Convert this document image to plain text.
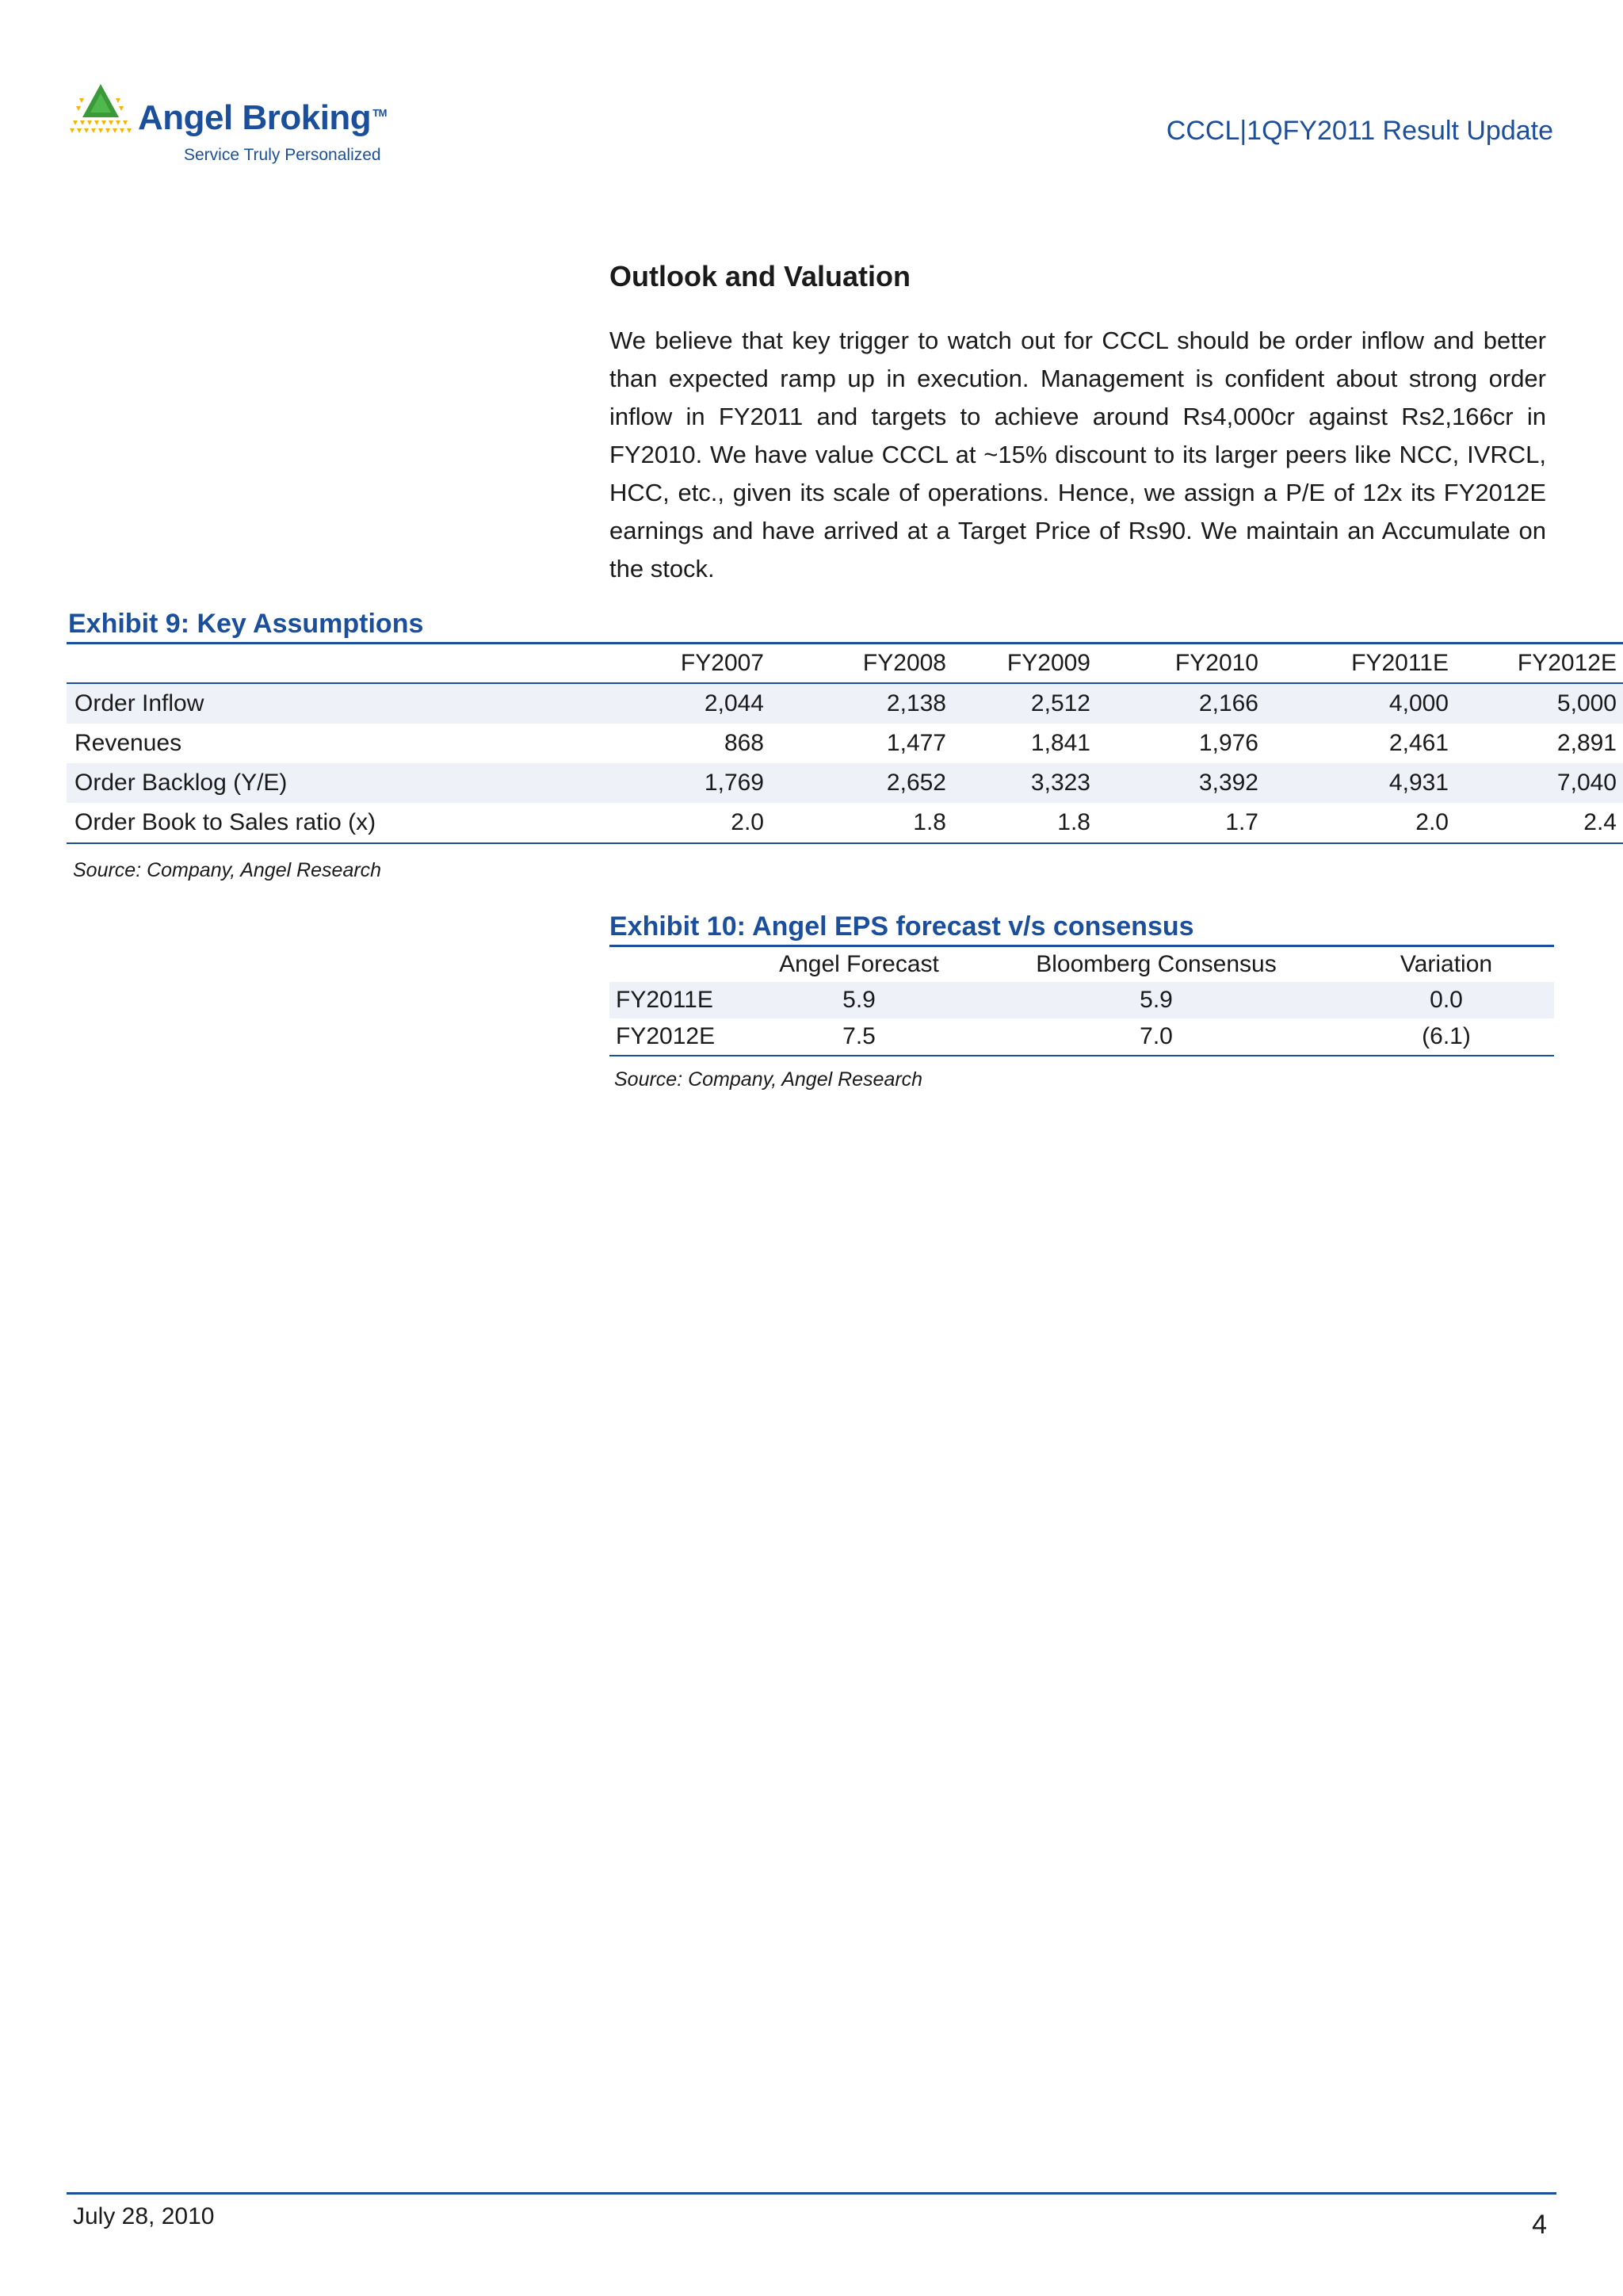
Angel Broking ™
Service Truly Personalized
CCCL|1QFY2011 Result Update
Outlook and Valuation
We believe that key trigger to watch out for CCCL should be order inflow and better than expected ramp up in execution. Management is confident about strong order inflow in FY2011 and targets to achieve around Rs4,000cr against Rs2,166cr in FY2010. We have value CCCL at ~15% discount to its larger peers like NCC, IVRCL, HCC, etc., given its scale of operations. Hence, we assign a P/E of 12x its FY2012E earnings and have arrived at a Target Price of Rs90. We maintain an Accumulate on the stock.
Exhibit 9: Key Assumptions
	FY2007	FY2008	FY2009	FY2010	FY2011E	FY2012E
Order Inflow	2,044	2,138	2,512	2,166	4,000	5,000
Revenues	868	1,477	1,841	1,976	2,461	2,891
Order Backlog (Y/E)	1,769	2,652	3,323	3,392	4,931	7,040
Order Book to Sales ratio (x)	2.0	1.8	1.8	1.7	2.0	2.4
Source: Company, Angel Research
Exhibit 10: Angel EPS forecast v/s consensus
	Angel Forecast	Bloomberg Consensus	Variation
FY2011E	5.9	5.9	0.0
FY2012E	7.5	7.0	(6.1)
Source: Company, Angel Research
July 28, 2010	4
